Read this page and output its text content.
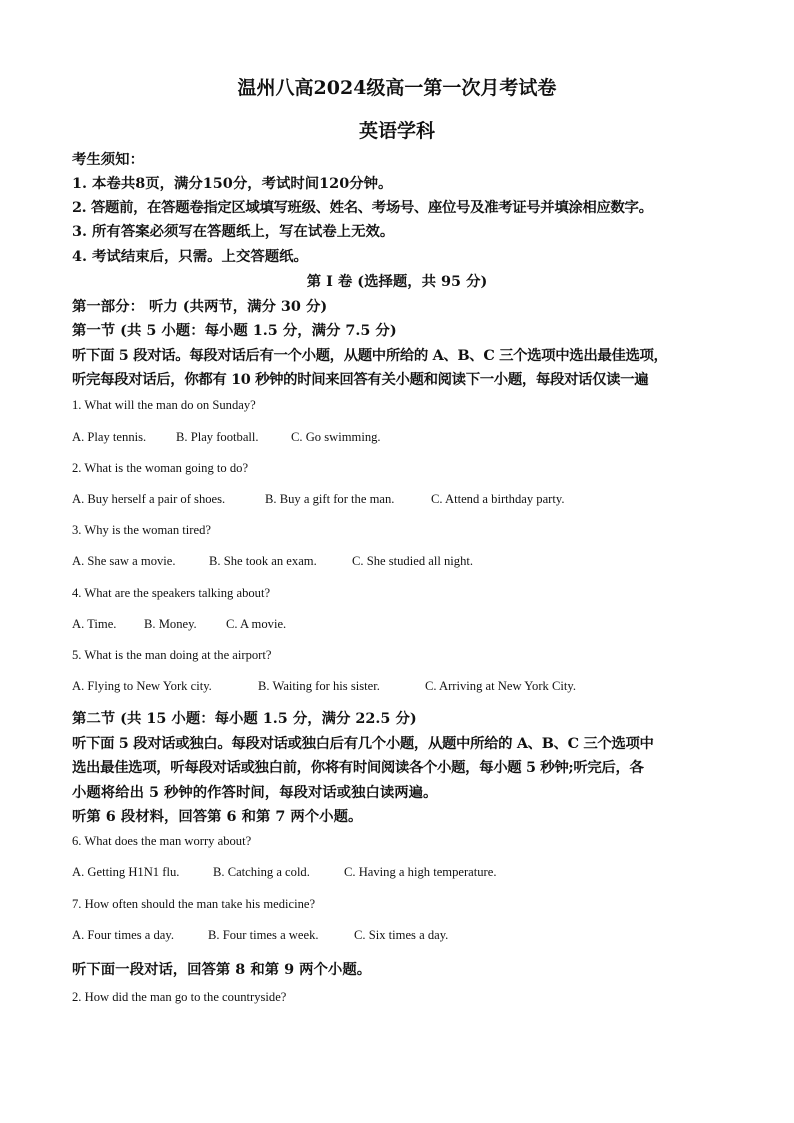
温州八高2024级高一第一次月考试卷
英语学科
考生须知：
1. 本卷共8页，满分150分，考试时间120分钟。
2. 答题前，在答题卷指定区域填写班级、姓名、考场号、座位号及准考证号并填涂相应数字。
3. 所有答案必须写在答题纸上，写在试卷上无效。
4. 考试结束后，只需。上交答题纸。
第 I 卷 (选择题，共 95 分)
第一部分： 听力 (共两节，满分 30 分)
第一节 (共 5 小题：每小题 1.5 分，满分 7.5 分)
听下面 5 段对话。每段对话后有一个小题，从题中所给的 A、B、C 三个选项中选出最佳选项，
听完每段对话后，你都有 10 秒钟的时间来回答有关小题和阅读下一小题，每段对话仅读一遍
1. What will the man do on Sunday?
A. Play tennis. B. Play football.	C. Go swimming.
2. What is the woman going to do?
A. Buy herself a pair of shoes.	B. Buy a gift for the man.	C. Attend a birthday party.
3. Why is the woman tired?
A. She saw a movie.	B. She took an exam.	C. She studied all night.
4. What are the speakers talking about?
A. Time. B. Money. C. A movie.
5. What is the man doing at the airport?
A. Flying to New York city.	B. Waiting for his sister.	C. Arriving at New York City.
第二节 (共 15 小题：每小题 1.5 分，满分 22.5 分)
听下面 5 段对话或独白。每段对话或独白后有几个小题，从题中所给的 A、B、C 三个选项中
选出最佳选项，听每段对话或独白前，你将有时间阅读各个小题，每小题 5 秒钟;听完后，各
小题将给出 5 秒钟的作答时间，每段对话或独白读两遍。
听第 6 段材料，回答第 6 和第 7 两个小题。
6. What does the man worry about?
A. Getting H1N1 flu.	B. Catching a cold.	C. Having a high temperature.
7. How often should the man take his medicine?
A. Four times a day.	B. Four times a week.	C. Six times a day.
听下面一段对话，回答第 8 和第 9 两个小题。
2. How did the man go to the countryside?
